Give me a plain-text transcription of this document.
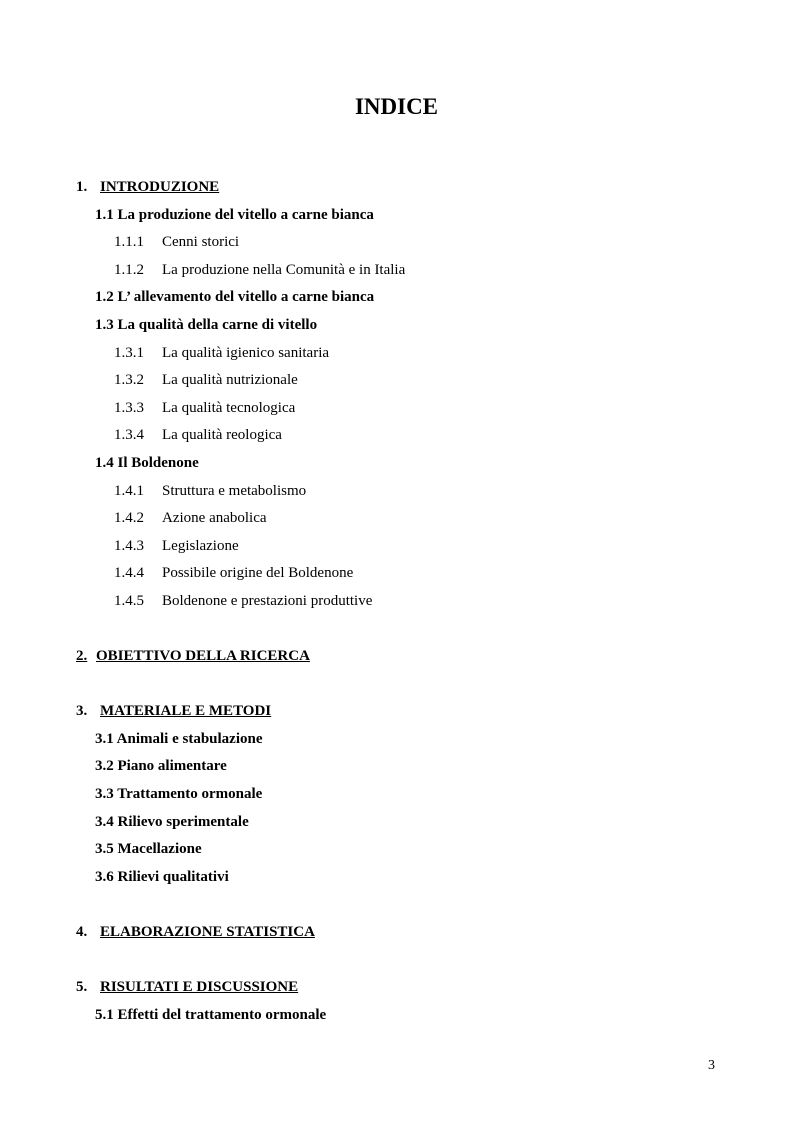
INDICE
1. INTRODUZIONE
1.1 La produzione del vitello a carne bianca
1.1.1 Cenni storici
1.1.2 La produzione nella Comunità e in Italia
1.2 L’ allevamento del vitello a carne bianca
1.3 La qualità della carne di vitello
1.3.1 La qualità igienico sanitaria
1.3.2 La qualità nutrizionale
1.3.3 La qualità tecnologica
1.3.4 La qualità reologica
1.4 Il Boldenone
1.4.1 Struttura e metabolismo
1.4.2 Azione anabolica
1.4.3 Legislazione
1.4.4 Possibile origine del Boldenone
1.4.5 Boldenone e prestazioni produttive
2. OBIETTIVO DELLA RICERCA
3. MATERIALE E METODI
3.1 Animali e stabulazione
3.2 Piano alimentare
3.3 Trattamento ormonale
3.4 Rilievo sperimentale
3.5 Macellazione
3.6 Rilievi qualitativi
4. ELABORAZIONE STATISTICA
5. RISULTATI E DISCUSSIONE
5.1 Effetti del trattamento ormonale
3
